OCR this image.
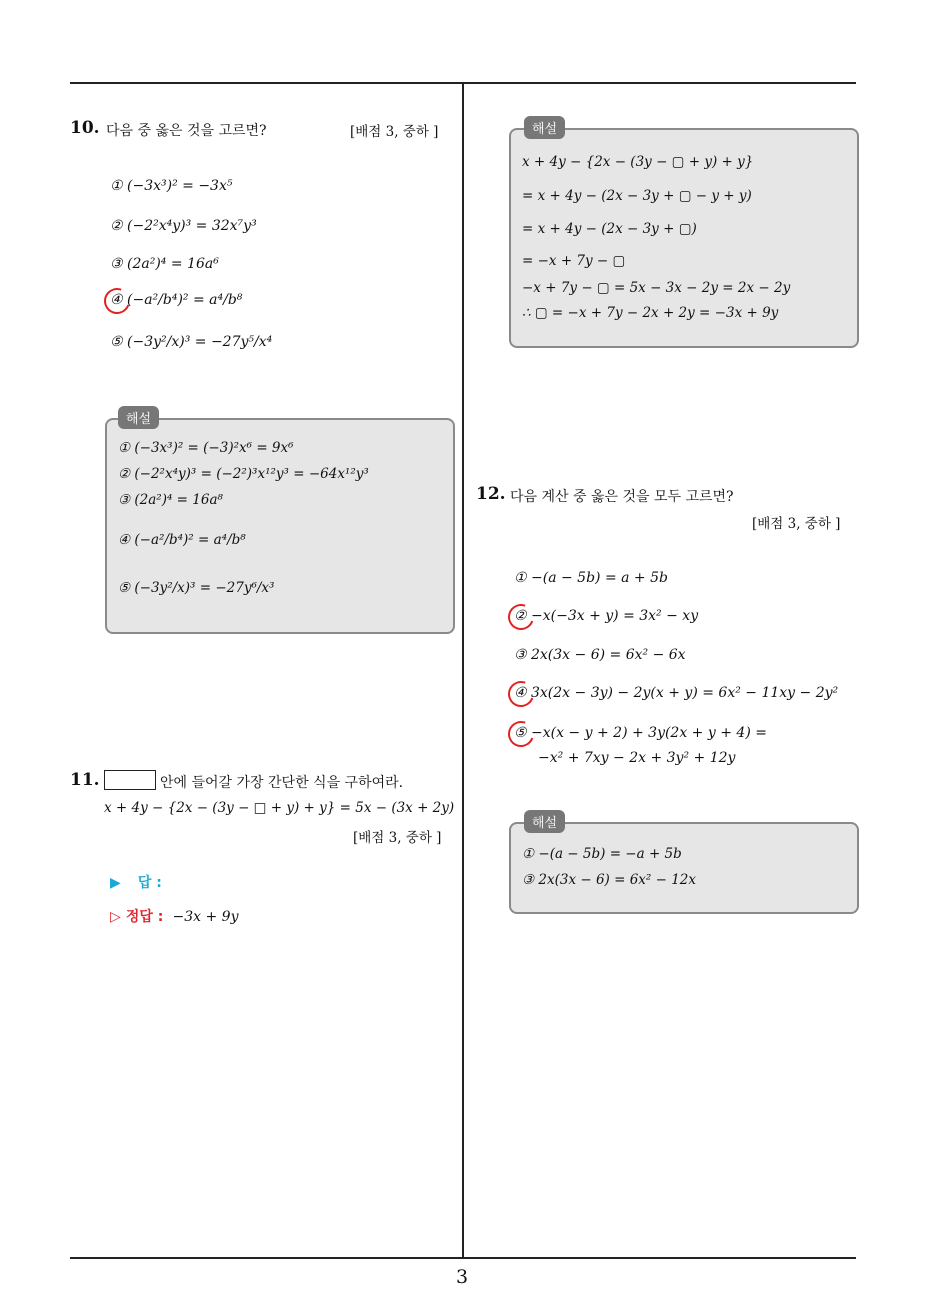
3
10. 다음 중 옳은 것을 고르면?	[배점 3, 중하 ]
① (−3x³)² = −3x⁵
② (−2²x⁴y)³ = 32x⁷y³
③ (2a²)⁴ = 16a⁶
④ (−a²/b⁴)² = a⁴/b⁸
⑤ (−3y²/x)³ = −27y⁵/x⁴
해설
① (−3x³)² = (−3)²x⁶ = 9x⁶
② (−2²x⁴y)³ = (−2²)³x¹²y³ = −64x¹²y³
③ (2a²)⁴ = 16a⁸
④ (−a²/b⁴)² = a⁴/b⁸
⑤ (−3y²/x)³ = −27y⁶/x³
11.	안에 들어갈 가장 간단한 식을 구하여라.
x + 4y − {2x − (3y − □ + y) + y} = 5x − (3x + 2y)
[배점 3, 중하 ]
▶ 답 :
▷ 정답 : −3x + 9y
해설
x + 4y − {2x − (3y − ▢ + y) + y}
= x + 4y − (2x − 3y + ▢ − y + y)
= x + 4y − (2x − 3y + ▢)
= −x + 7y − ▢
−x + 7y − ▢ = 5x − 3x − 2y = 2x − 2y
∴ ▢ = −x + 7y − 2x + 2y = −3x + 9y
12. 다음 계산 중 옳은 것을 모두 고르면?
[배점 3, 중하 ]
① −(a − 5b) = a + 5b
② −x(−3x + y) = 3x² − xy
③ 2x(3x − 6) = 6x² − 6x
④ 3x(2x − 3y) − 2y(x + y) = 6x² − 11xy − 2y²
⑤ −x(x − y + 2) + 3y(2x + y + 4) =
−x² + 7xy − 2x + 3y² + 12y
해설
① −(a − 5b) = −a + 5b
③ 2x(3x − 6) = 6x² − 12x
